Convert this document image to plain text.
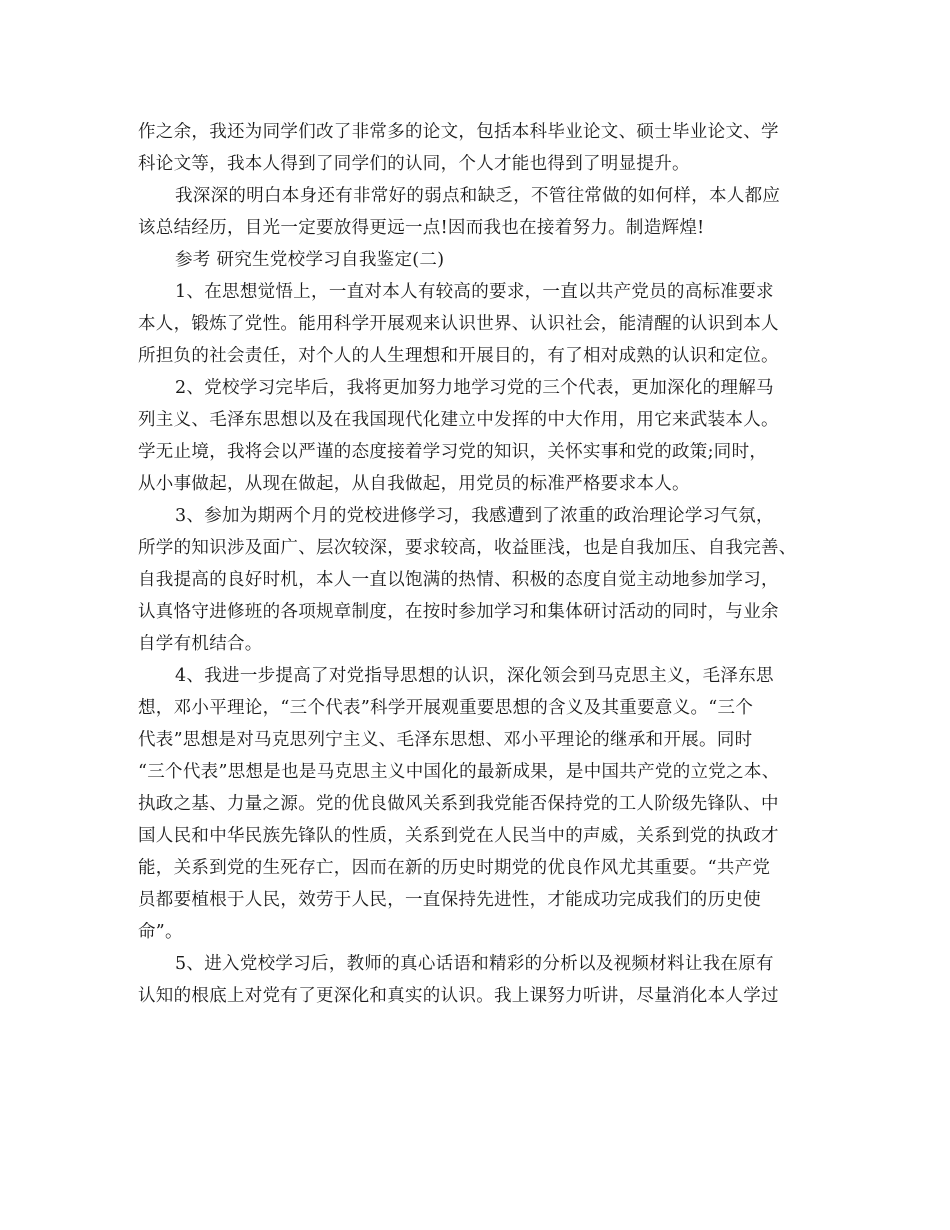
作之余，我还为同学们改了非常多的论文，包括本科毕业论文、硕士毕业论文、学
科论文等，我本人得到了同学们的认同，个人才能也得到了明显提升。
我深深的明白本身还有非常好的弱点和缺乏，不管往常做的如何样，本人都应
该总结经历，目光一定要放得更远一点!因而我也在接着努力。制造辉煌!
参考 研究生党校学习自我鉴定(二)
1、在思想觉悟上，一直对本人有较高的要求，一直以共产党员的高标准要求
本人，锻炼了党性。能用科学开展观来认识世界、认识社会，能清醒的认识到本人
所担负的社会责任，对个人的人生理想和开展目的，有了相对成熟的认识和定位。
2、党校学习完毕后，我将更加努力地学习党的三个代表，更加深化的理解马
列主义、毛泽东思想以及在我国现代化建立中发挥的中大作用，用它来武装本人。
学无止境，我将会以严谨的态度接着学习党的知识，关怀实事和党的政策;同时，
从小事做起，从现在做起，从自我做起，用党员的标准严格要求本人。
3、参加为期两个月的党校进修学习，我感遭到了浓重的政治理论学习气氛，
所学的知识涉及面广、层次较深，要求较高，收益匪浅，也是自我加压、自我完善、
自我提高的良好时机，本人一直以饱满的热情、积极的态度自觉主动地参加学习，
认真恪守进修班的各项规章制度，在按时参加学习和集体研讨活动的同时，与业余
自学有机结合。
4、我进一步提高了对党指导思想的认识，深化领会到马克思主义，毛泽东思
想，邓小平理论，“三个代表”科学开展观重要思想的含义及其重要意义。“三个
代表”思想是对马克思列宁主义、毛泽东思想、邓小平理论的继承和开展。同时
“三个代表”思想是也是马克思主义中国化的最新成果，是中国共产党的立党之本、
执政之基、力量之源。党的优良做风关系到我党能否保持党的工人阶级先锋队、中
国人民和中华民族先锋队的性质，关系到党在人民当中的声威，关系到党的执政才
能，关系到党的生死存亡，因而在新的历史时期党的优良作风尤其重要。“共产党
员都要植根于人民，效劳于人民，一直保持先进性，才能成功完成我们的历史使
命”。
5、进入党校学习后，教师的真心话语和精彩的分析以及视频材料让我在原有
认知的根底上对党有了更深化和真实的认识。我上课努力听讲，尽量消化本人学过
